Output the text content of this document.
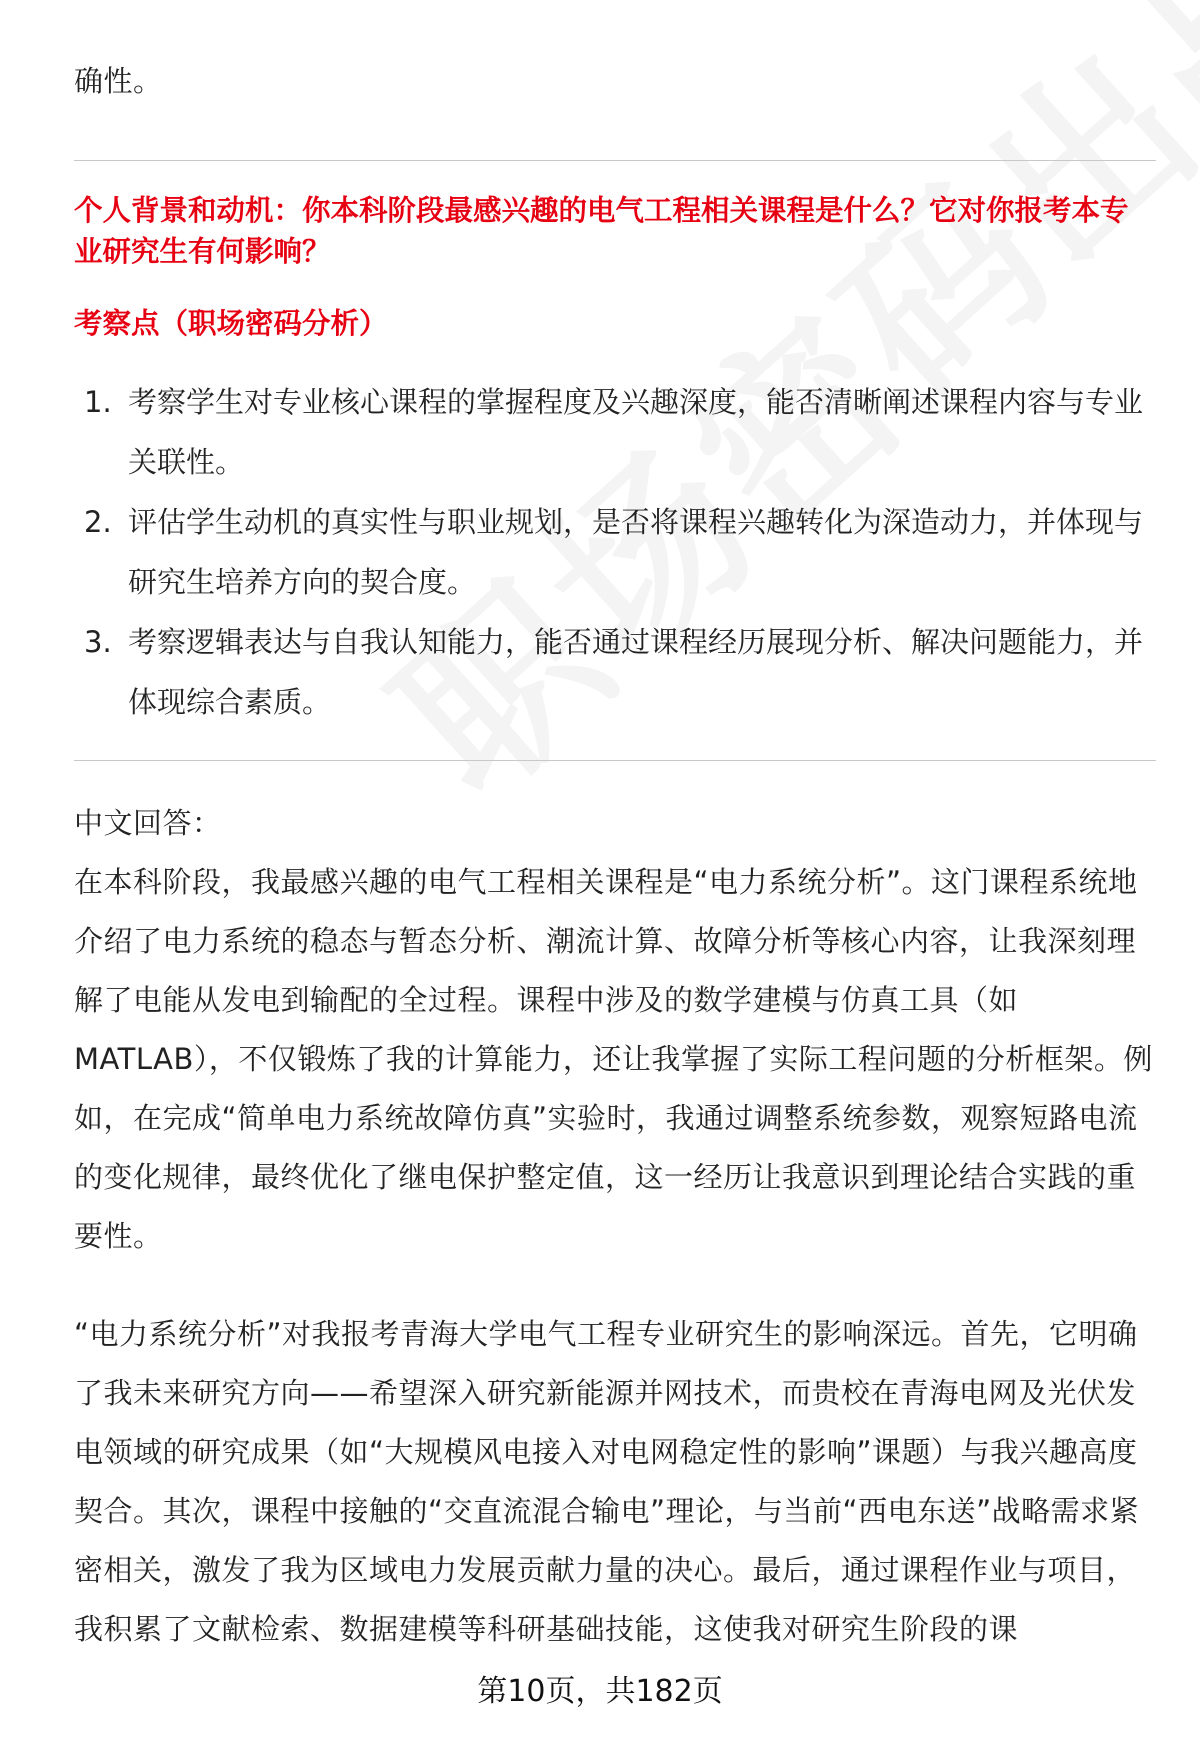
确性。
个人背景和动机：你本科阶段最感兴趣的电气工程相关课程是什么？它对你报考本专业研究生有何影响？
考察点（职场密码分析）
1. 考察学生对专业核心课程的掌握程度及兴趣深度，能否清晰阐述课程内容与专业关联性。
2. 评估学生动机的真实性与职业规划，是否将课程兴趣转化为深造动力，并体现与研究生培养方向的契合度。
3. 考察逻辑表达与自我认知能力，能否通过课程经历展现分析、解决问题能力，并体现综合素质。
中文回答：
在本科阶段，我最感兴趣的电气工程相关课程是“电力系统分析”。这门课程系统地介绍了电力系统的稳态与暂态分析、潮流计算、故障分析等核心内容，让我深刻理解了电能从发电到输配的全过程。课程中涉及的数学建模与仿真工具（如MATLAB），不仅锻炼了我的计算能力，还让我掌握了实际工程问题的分析框架。例如，在完成“简单电力系统故障仿真”实验时，我通过调整系统参数，观察短路电流的变化规律，最终优化了继电保护整定值，这一经历让我意识到理论结合实践的重要性。
“电力系统分析”对我报考青海大学电气工程专业研究生的影响深远。首先，它明确了我未来研究方向——希望深入研究新能源并网技术，而贵校在青海电网及光伏发电领域的研究成果（如“大规模风电接入对电网稳定性的影响”课题）与我兴趣高度契合。其次，课程中接触的“交直流混合输电”理论，与当前“西电东送”战略需求紧密相关，激发了我为区域电力发展贡献力量的决心。最后，通过课程作业与项目，我积累了文献检索、数据建模等科研基础技能，这使我对研究生阶段的课
第10页，共182页
